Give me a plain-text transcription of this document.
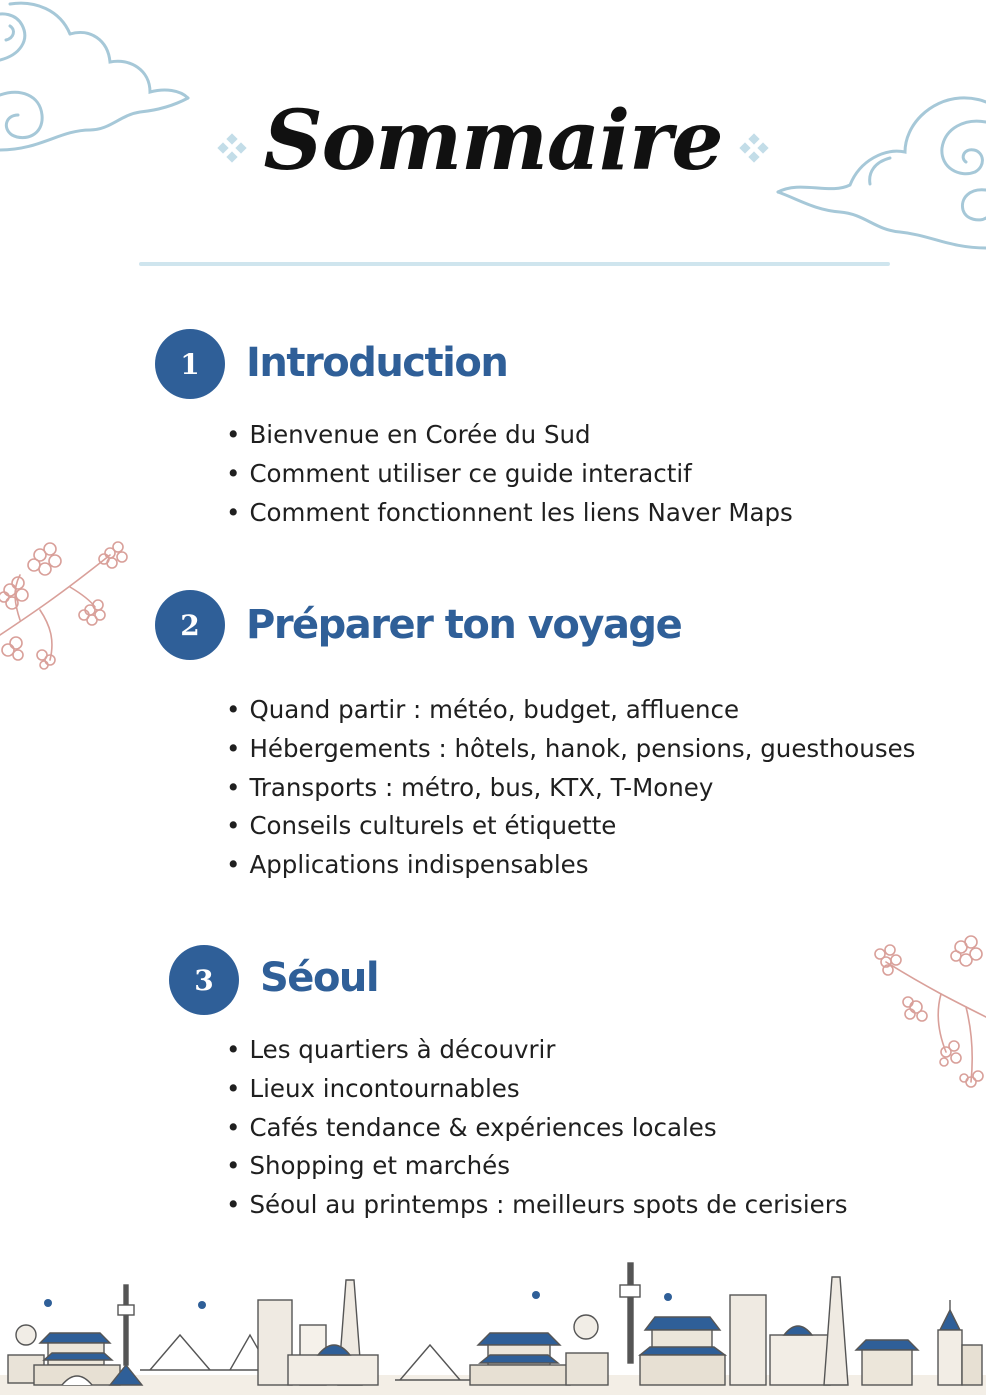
Sommaire
1	Introduction
• Bienvenue en Corée du Sud
• Comment utiliser ce guide interactif
• Comment fonctionnent les liens Naver Maps
2	Préparer ton voyage
• Quand partir : météo, budget, affluence
• Hébergements : hôtels, hanok, pensions, guesthouses
• Transports : métro, bus, KTX, T-Money
• Conseils culturels et étiquette
• Applications indispensables
3	Séoul
• Les quartiers à découvrir
• Lieux incontournables
• Cafés tendance & expériences locales
• Shopping et marchés
• Séoul au printemps : meilleurs spots de cerisiers
